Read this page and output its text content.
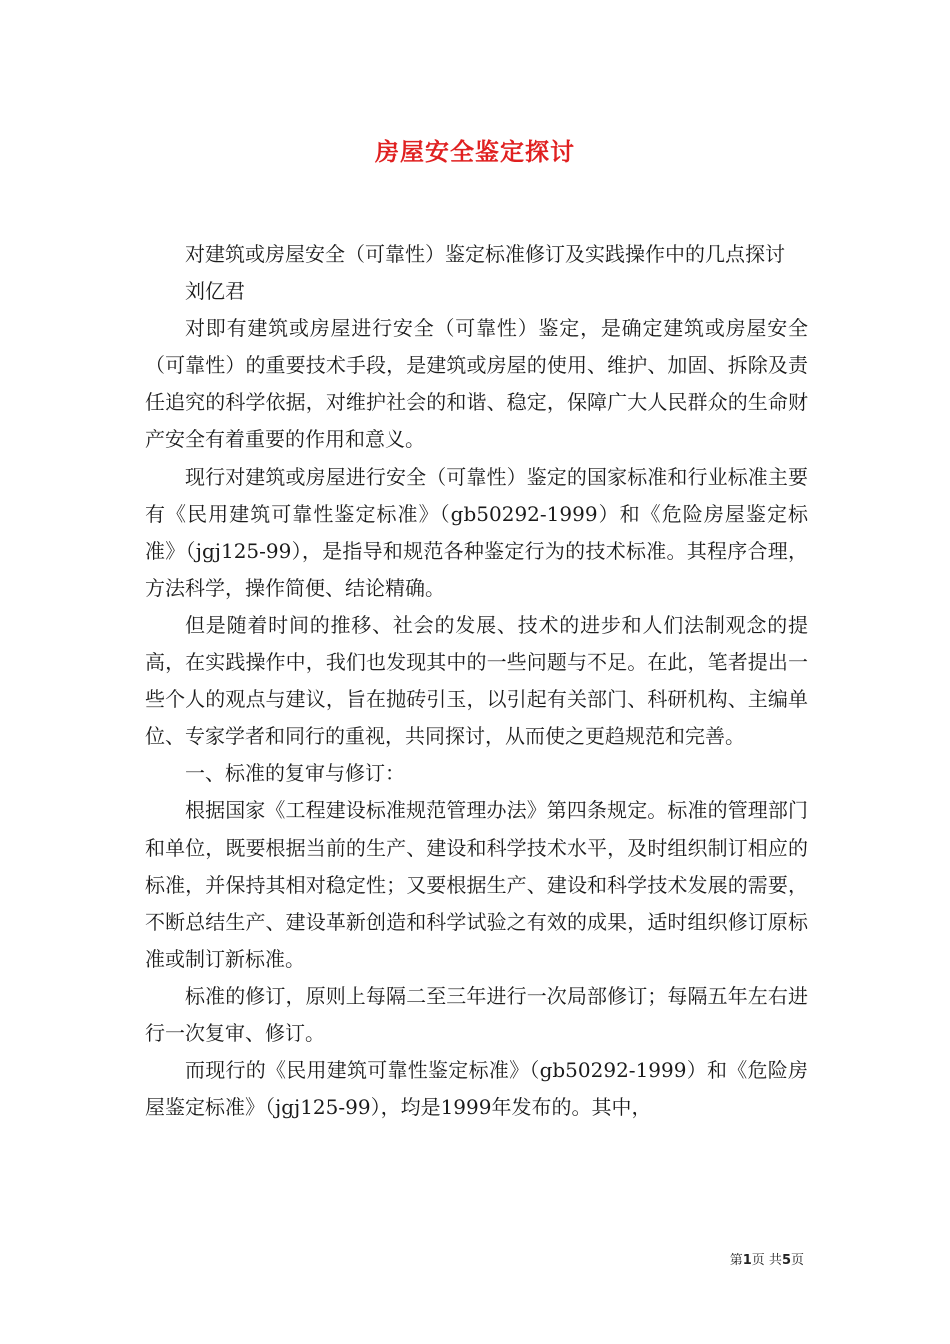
房屋安全鉴定探讨

对建筑或房屋安全（可靠性）鉴定标准修订及实践操作中的几点探讨

刘亿君

对即有建筑或房屋进行安全（可靠性）鉴定，是确定建筑或房屋安全（可靠性）的重要技术手段，是建筑或房屋的使用、维护、加固、拆除及责任追究的科学依据，对维护社会的和谐、稳定，保障广大人民群众的生命财产安全有着重要的作用和意义。

现行对建筑或房屋进行安全（可靠性）鉴定的国家标准和行业标准主要有《民用建筑可靠性鉴定标准》（gb50292-1999）和《危险房屋鉴定标准》（jgj125-99），是指导和规范各种鉴定行为的技术标准。其程序合理，方法科学，操作简便、结论精确。

但是随着时间的推移、社会的发展、技术的进步和人们法制观念的提高，在实践操作中，我们也发现其中的一些问题与不足。在此，笔者提出一些个人的观点与建议，旨在抛砖引玉，以引起有关部门、科研机构、主编单位、专家学者和同行的重视，共同探讨，从而使之更趋规范和完善。

一、标准的复审与修订：

根据国家《工程建设标准规范管理办法》第四条规定。标准的管理部门和单位，既要根据当前的生产、建设和科学技术水平，及时组织制订相应的标准，并保持其相对稳定性；又要根据生产、建设和科学技术发展的需要，不断总结生产、建设革新创造和科学试验之有效的成果，适时组织修订原标准或制订新标准。

标准的修订，原则上每隔二至三年进行一次局部修订；每隔五年左右进行一次复审、修订。

而现行的《民用建筑可靠性鉴定标准》（gb50292-1999）和《危险房屋鉴定标准》（jgj125-99），均是1999年发布的。其中，

第1页 共5页
